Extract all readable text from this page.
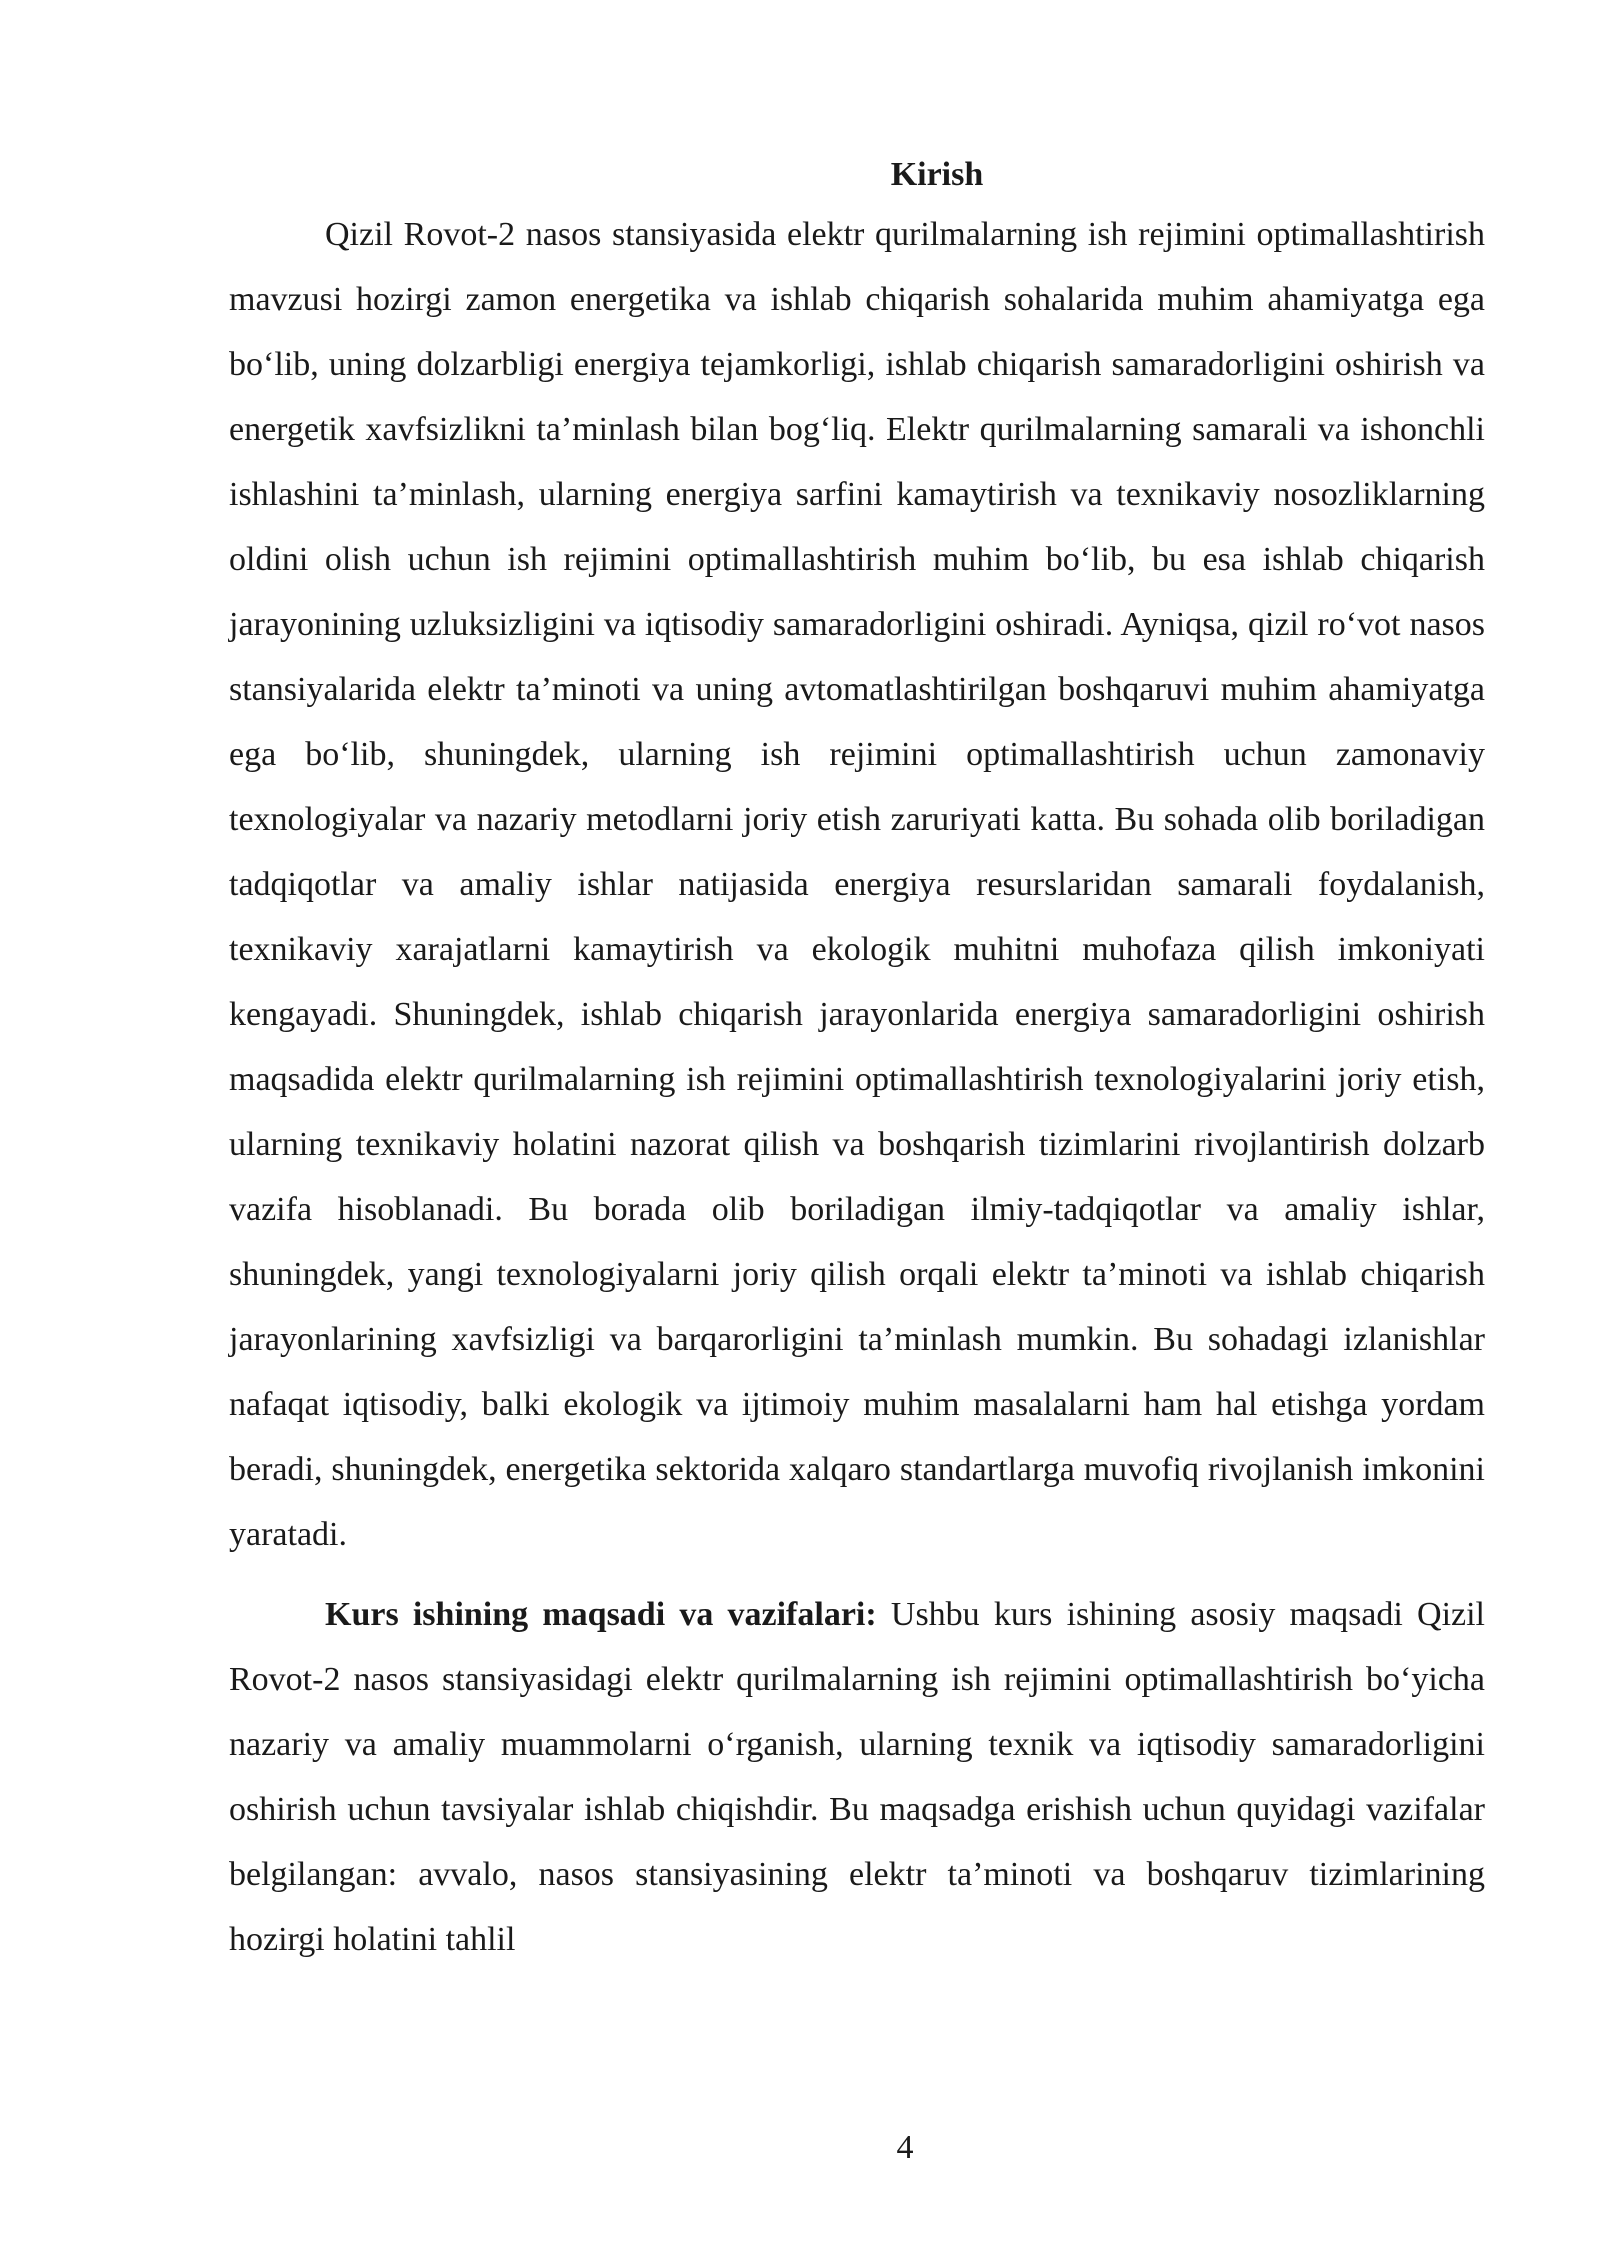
Kirish

Qizil Rovot-2 nasos stansiyasida elektr qurilmalarning ish rejimini optimallashtirish mavzusi hozirgi zamon energetika va ishlab chiqarish sohalarida muhim ahamiyatga ega bo‘lib, uning dolzarbligi energiya tejamkorligi, ishlab chiqarish samaradorligini oshirish va energetik xavfsizlikni ta’minlash bilan bog‘liq. Elektr qurilmalarning samarali va ishonchli ishlashini ta’minlash, ularning energiya sarfini kamaytirish va texnikaviy nosozliklarning oldini olish uchun ish rejimini optimallashtirish muhim bo‘lib, bu esa ishlab chiqarish jarayonining uzluksizligini va iqtisodiy samaradorligini oshiradi. Ayniqsa, qizil ro‘vot nasos stansiyalarida elektr ta’minoti va uning avtomatlashtirilgan boshqaruvi muhim ahamiyatga ega bo‘lib, shuningdek, ularning ish rejimini optimallashtirish uchun zamonaviy texnologiyalar va nazariy metodlarni joriy etish zaruriyati katta. Bu sohada olib boriladigan tadqiqotlar va amaliy ishlar natijasida energiya resurslaridan samarali foydalanish, texnikaviy xarajatlarni kamaytirish va ekologik muhitni muhofaza qilish imkoniyati kengayadi. Shuningdek, ishlab chiqarish jarayonlarida energiya samaradorligini oshirish maqsadida elektr qurilmalarning ish rejimini optimallashtirish texnologiyalarini joriy etish, ularning texnikaviy holatini nazorat qilish va boshqarish tizimlarini rivojlantirish dolzarb vazifa hisoblanadi. Bu borada olib boriladigan ilmiy-tadqiqotlar va amaliy ishlar, shuningdek, yangi texnologiyalarni joriy qilish orqali elektr ta’minoti va ishlab chiqarish jarayonlarining xavfsizligi va barqarorligini ta’minlash mumkin. Bu sohadagi izlanishlar nafaqat iqtisodiy, balki ekologik va ijtimoiy muhim masalalarni ham hal etishga yordam beradi, shuningdek, energetika sektorida xalqaro standartlarga muvofiq rivojlanish imkonini yaratadi.

Kurs ishining maqsadi va vazifalari: Ushbu kurs ishining asosiy maqsadi Qizil Rovot-2 nasos stansiyasidagi elektr qurilmalarning ish rejimini optimallashtirish bo‘yicha nazariy va amaliy muammolarni o‘rganish, ularning texnik va iqtisodiy samaradorligini oshirish uchun tavsiyalar ishlab chiqishdir. Bu maqsadga erishish uchun quyidagi vazifalar belgilangan: avvalo, nasos stansiyasining elektr ta’minoti va boshqaruv tizimlarining hozirgi holatini tahlil

4
